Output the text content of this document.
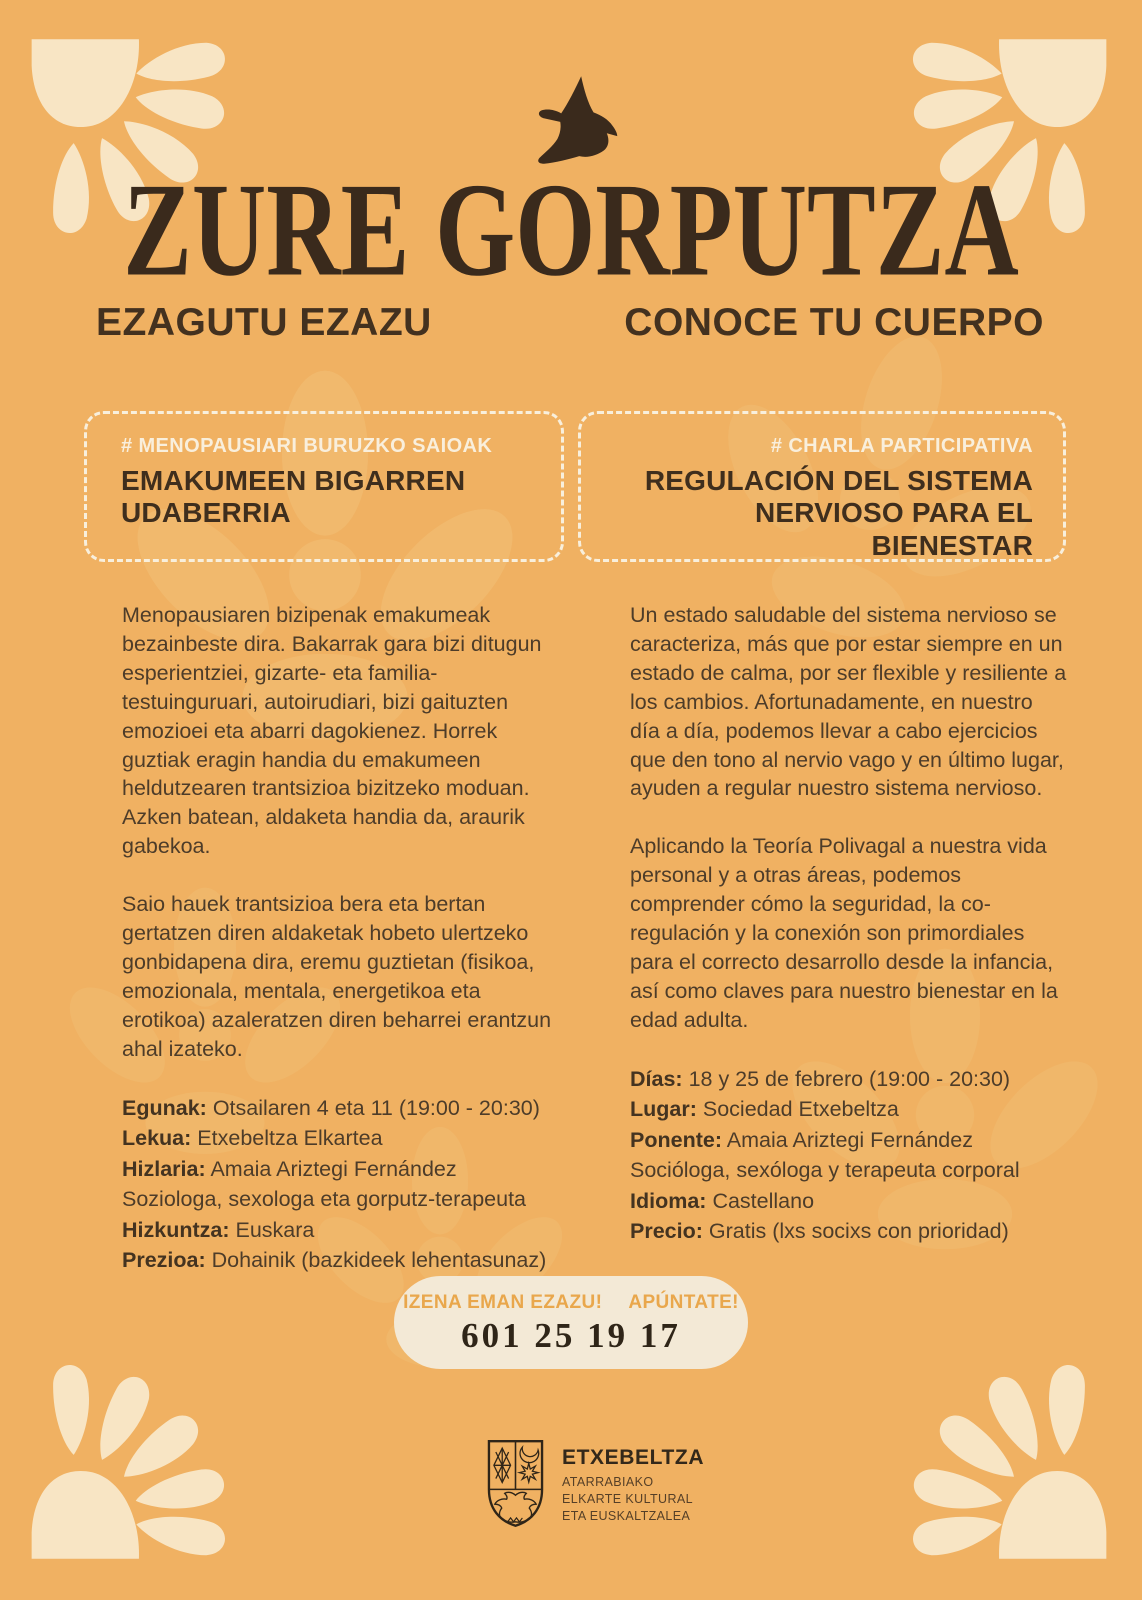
ZURE GORPUTZA
EZAGUTU EZAZU	CONOCE TU CUERPO
# MENOPAUSIARI BURUZKO SAIOAK
EMAKUMEEN BIGARREN UDABERRIA
# CHARLA PARTICIPATIVA
REGULACIÓN DEL SISTEMA NERVIOSO PARA EL BIENESTAR

Menopausiaren bizipenak emakumeak bezainbeste dira. Bakarrak gara bizi ditugun esperientziei, gizarte- eta familia-testuinguruari, autoirudiari, bizi gaituzten emozioei eta abarri dagokienez. Horrek guztiak eragin handia du emakumeen heldutzearen trantsizioa bizitzeko moduan. Azken batean, aldaketa handia da, araurik gabekoa.

Saio hauek trantsizioa bera eta bertan gertatzen diren aldaketak hobeto ulertzeko gonbidapena dira, eremu guztietan (fisikoa, emozionala, mentala, energetikoa eta erotikoa) azaleratzen diren beharrei erantzun ahal izateko.

Egunak: Otsailaren 4 eta 11 (19:00 - 20:30)
Lekua: Etxebeltza Elkartea
Hizlaria: Amaia Ariztegi Fernández
Soziologa, sexologa eta gorputz-terapeuta
Hizkuntza: Euskara
Prezioa: Dohainik (bazkideek lehentasunaz)

Un estado saludable del sistema nervioso se caracteriza, más que por estar siempre en un estado de calma, por ser flexible y resiliente a los cambios. Afortunadamente, en nuestro día a día, podemos llevar a cabo ejercicios que den tono al nervio vago y en último lugar, ayuden a regular nuestro sistema nervioso.

Aplicando la Teoría Polivagal a nuestra vida personal y a otras áreas, podemos comprender cómo la seguridad, la co-regulación y la conexión son primordiales para el correcto desarrollo desde la infancia, así como claves para nuestro bienestar en la edad adulta.

Días: 18 y 25 de febrero (19:00 - 20:30)
Lugar: Sociedad Etxebeltza
Ponente: Amaia Ariztegi Fernández
Socióloga, sexóloga y terapeuta corporal
Idioma: Castellano
Precio: Gratis (lxs socixs con prioridad)
IZENA EMAN EZAZU! APÚNTATE!
601 25 19 17
ETXEBELTZA
ATARRABIAKO
ELKARTE KULTURAL
ETA EUSKALTZALEA
